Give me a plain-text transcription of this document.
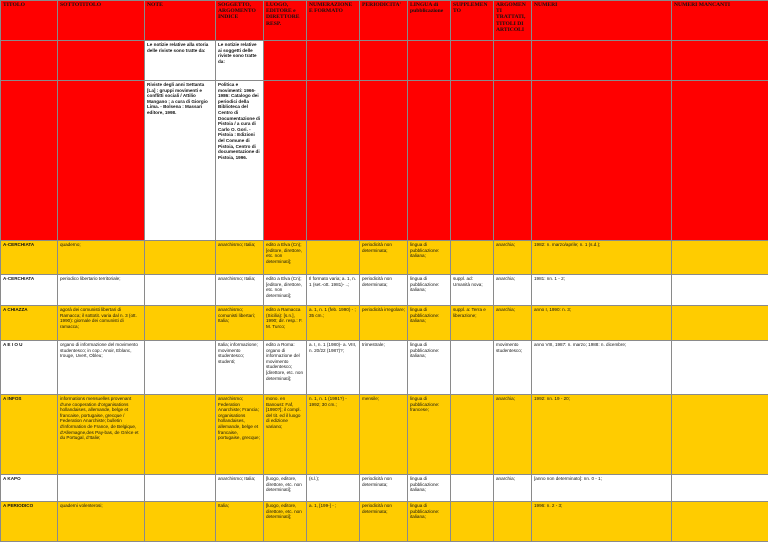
TITOLO	SOTTOTITOLO	NOTE	SOGGETTO, ARGOMENTO INDICE	LUOGO, EDITORE e DIRETTORE RESP.	NUMERAZIONE E FORMATO	PERIODICITA'	LINGUA di pubblicazione	SUPPLEMENTO	ARGOMENTI TRATTATI, TITOLI DI ARTICOLI	NUMERI	NUMERI MANCANTI
		Le notizie relative alla storia delle riviste sono tratte da:	Le notizie relative ai soggetti delle riviste sono tratte da:								
		Riviste degli anni Settanta [La] : gruppi movimenti e conflitti sociali / Attilio Mangano ; a cura di Giorgio Lima. - Bolsena : Massari editore, 1998.	Politica e movimenti: 1966-1986: Catalogo dei periodici della Biblioteca del Centro di Documentazione di Pistoia / a cura di Carlo O. Gori. - Pistoia : Edizioni del Comune di Pistoia, Centro di documentazione di Pistoia, 1996.								
A-CERCHIATA	quaderno;		anarchismo; Italia;	edito a Elva (Cn); [editore, direttore, etc. non determinati];		periodicità non determinata;	lingua di pubblicazione: italiana;		anarchia;	1982: n. marzo/aprile; n. 1 (s.d.);	
A-CERCHIATA	periodico libertario territoriale;		anarchismo; Italia;	edito a Elva (Cn); [editore, direttore, etc. non determinati];	Il formato varia; a. 1, n. 1 (set.-ott. 1981)- ..;	periodicità non determinata;	lingua di pubblicazione: italiana;	suppl. ad: Umanità nova;	anarchia;	1981: nn. 1 - 2;	
A CHIAZZA	agorà dei comunisti libertari di Ramacca; il sottotit. varia dal n. 3 (ott. 1990): giornale dei comunisti di ramacca;		anarchismo; comunisti libertari; Italia;	edito a Ramacca (Sicilia): [s.n.], 1990; dir. resp.: F. M. Turco;	a. 1, n. 1 (feb. 1990) - ; 35 cm.;	periodicità irregolare;	lingua di pubblicazione: italiana;	suppl. a: Terra e liberazione;	anarchia;	anno I, 1990: n. 3;	
A E I O U	organo di informazione del movimento studentesco; in cop.: Anoir, Eblanc, Irouge, Uvert, Obleu;		Italia; informazione; movimento studentesco; studenti;	edito a Roma: organo di informazione del movimento studentesco; [direttore, etc. non determinati];	a. I, n. 1 (1980)- a. VIII, n. 20/22 (1987)?;	trimestrale;	lingua di pubblicazione: italiana;		movimento studentesco;	anno VIII, 1987: n. marzo; 1988: n. dicembre;	
A INFOS	informations mensuelles provenant d'une cooperation d'organisations hollandaises, allemande, belge et francaise, portugaise, grecque / Federation Anarchiste; bulletin d'information de France, de Belgique, d'Allemagne,des Pay-bas, de Grèce et du Portugal, d'Italie;		anarchismo; Federation Anarchiste; Francia; organisations hollandaises, allemande, belge et francaise, portugaise, grecque;	mono. en Banoust: Faf, [1990?]; il compl. del tit. ed il luogo di edizione variano;	n. 1, n. 1 (1991?) - 1992; 30 cm.;	mensile;	lingua di pubblicazione: francese;		anarchia;	1992: nn. 19 - 20;	
A KAPO			anarchismo; Italia;	[luogo, editore, direttore, etc. non determinati];	(s.l.);	periodicità non determinata;	lingua di pubblicazione: italiana;		anarchia;	[anno non determinato]: nn. 0 - 1;	
A PERIODICO	quaderni volenterosi;		Italia;	[luogo, editore, direttore, etc. non determinati];	a. 1, [199-] - ;	periodicità non determinata;	lingua di pubblicazione: italiana;			1996: n. 2 - 3;	
